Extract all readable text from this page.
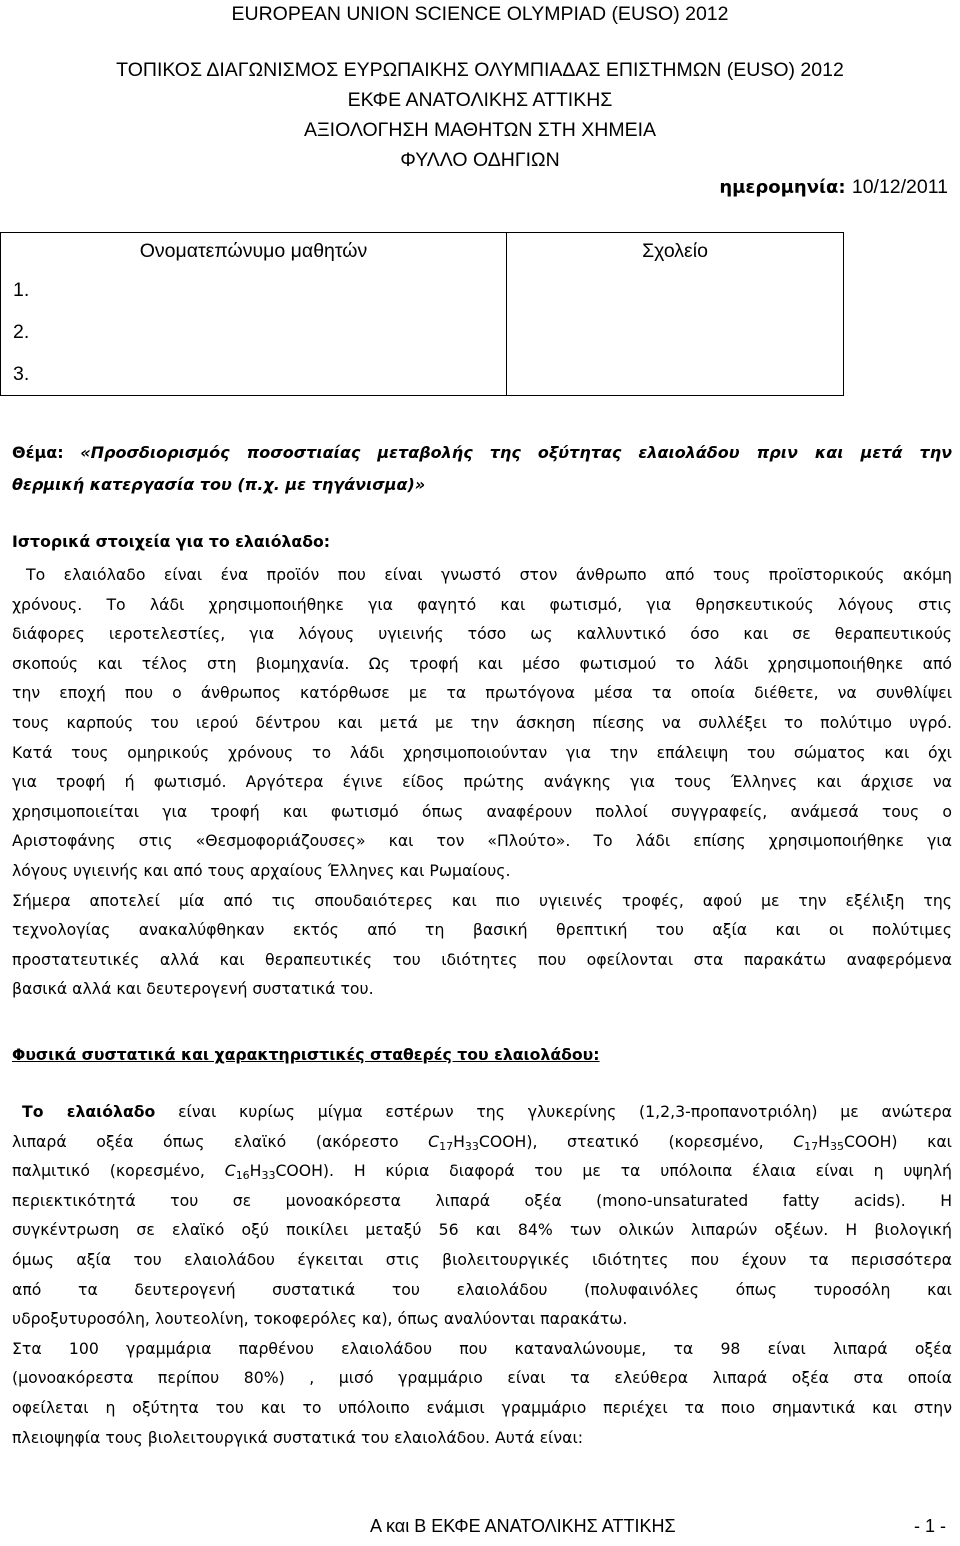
EUROPEAN UNION SCIENCE OLYMPIAD (EUSO) 2012
ΤΟΠΙΚΟΣ ΔΙΑΓΩΝΙΣΜΟΣ ΕΥΡΩΠΑΙΚΗΣ ΟΛΥΜΠΙΑΔΑΣ ΕΠΙΣΤΗΜΩΝ (EUSO) 2012
ΕΚΦΕ ΑΝΑΤΟΛΙΚΗΣ ΑΤΤΙΚΗΣ
ΑΞΙΟΛΟΓΗΣΗ ΜΑΘΗΤΩΝ ΣΤΗ ΧΗΜΕΙΑ
ΦΥΛΛΟ ΟΔΗΓΙΩΝ
ημερομηνία: 10/12/2011
Ονοματεπώνυμο μαθητών	Σχολείο
1.	
2.	
3.	
Θέμα: «Προσδιορισμός ποσοστιαίας μεταβολής της οξύτητας ελαιολάδου πριν και μετά την
θερμική κατεργασία του (π.χ. με τηγάνισμα)»
Ιστορικά στοιχεία για το ελαιόλαδο:
Το ελαιόλαδο είναι ένα προϊόν που είναι γνωστό στον άνθρωπο από τους προϊστορικούς ακόμη
χρόνους. Το λάδι χρησιμοποιήθηκε για φαγητό και φωτισμό, για θρησκευτικούς λόγους στις
διάφορες ιεροτελεστίες, για λόγους υγιεινής τόσο ως καλλυντικό όσο και σε θεραπευτικούς
σκοπούς και τέλος στη βιομηχανία. Ως τροφή και μέσο φωτισμού το λάδι χρησιμοποιήθηκε από
την εποχή που ο άνθρωπος κατόρθωσε με τα πρωτόγονα μέσα τα οποία διέθετε, να συνθλίψει
τους καρπούς του ιερού δέντρου και μετά με την άσκηση πίεσης να συλλέξει το πολύτιμο υγρό.
Κατά τους ομηρικούς χρόνους το λάδι χρησιμοποιούνταν για την επάλειψη του σώματος και όχι
για τροφή ή φωτισμό. Αργότερα έγινε είδος πρώτης ανάγκης για τους Έλληνες και άρχισε να
χρησιμοποιείται για τροφή και φωτισμό όπως αναφέρουν πολλοί συγγραφείς, ανάμεσά τους ο
Αριστοφάνης στις «Θεσμοφοριάζουσες» και τον «Πλούτο». Το λάδι επίσης χρησιμοποιήθηκε για
λόγους υγιεινής και από τους αρχαίους Έλληνες και Ρωμαίους.
Σήμερα αποτελεί μία από τις σπουδαιότερες και πιο υγιεινές τροφές, αφού με την εξέλιξη της
τεχνολογίας ανακαλύφθηκαν εκτός από τη βασική θρεπτική του αξία και οι πολύτιμες
προστατευτικές αλλά και θεραπευτικές του ιδιότητες που οφείλονται στα παρακάτω αναφερόμενα
βασικά αλλά και δευτερογενή συστατικά του.
Φυσικά συστατικά και χαρακτηριστικές σταθερές του ελαιολάδου:
Το ελαιόλαδο είναι κυρίως μίγμα εστέρων της γλυκερίνης (1,2,3-προπανοτριόλη) με ανώτερα
λιπαρά οξέα όπως ελαϊκό (ακόρεστο $C_{17}H_{33}COOH$), στεατικό (κορεσμένο, $C_{17}H_{35}COOH$) και
παλμιτικό (κορεσμένο, $C_{16}H_{33}COOH$). Η κύρια διαφορά του με τα υπόλοιπα έλαια είναι η υψηλή
περιεκτικότητά του σε μονοακόρεστα λιπαρά οξέα (mono-unsaturated fatty acids). Η
συγκέντρωση σε ελαϊκό οξύ ποικίλει μεταξύ 56 και 84% των ολικών λιπαρών οξέων. Η βιολογική
όμως αξία του ελαιολάδου έγκειται στις βιολειτουργικές ιδιότητες που έχουν τα περισσότερα
από τα δευτερογενή συστατικά του ελαιολάδου (πολυφαινόλες όπως τυροσόλη και
υδροξυτυροσόλη, λουτεολίνη, τοκοφερόλες κα), όπως αναλύονται παρακάτω.
Στα 100 γραμμάρια παρθένου ελαιολάδου που καταναλώνουμε, τα 98 είναι λιπαρά οξέα
(μονοακόρεστα περίπου 80%) , μισό γραμμάριο είναι τα ελεύθερα λιπαρά οξέα στα οποία
οφείλεται η οξύτητα του και το υπόλοιπο ενάμισι γραμμάριο περιέχει τα ποιο σημαντικά και στην
πλειοψηφία τους βιολειτουργικά συστατικά του ελαιολάδου. Αυτά είναι:
Α και Β ΕΚΦΕ ΑΝΑΤΟΛΙΚΗΣ ΑΤΤΙΚΗΣ	- 1 -
